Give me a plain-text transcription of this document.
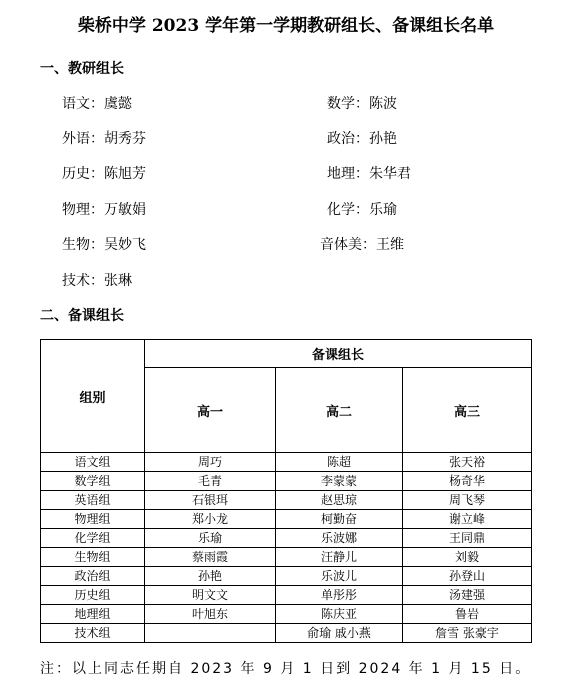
柴桥中学 2023 学年第一学期教研组长、备课组长名单
一、教研组长
语文：虞懿	数学：陈波
外语：胡秀芬	政治：孙艳
历史：陈旭芳	地理：朱华君
物理：万敏娟	化学：乐瑜
生物：吴妙飞	音体美：王维
技术：张琳
二、备课组长
组别	备课组长		
	高一	高二	高三
语文组	周巧	陈超	张天裕
数学组	毛青	李蒙蒙	杨奇华
英语组	石银珥	赵思琼	周飞琴
物理组	郑小龙	柯勤奋	谢立峰
化学组	乐瑜	乐波娜	王同鼎
生物组	蔡雨霞	汪静儿	刘毅
政治组	孙艳	乐波儿	孙登山
历史组	明文文	单彤彤	汤建强
地理组	叶旭东	陈庆亚	鲁岩
技术组		俞瑜 戚小燕	詹雪 张豪宇
注：以上同志任期自 2023 年 9 月 1 日到 2024 年 1 月 15 日。
